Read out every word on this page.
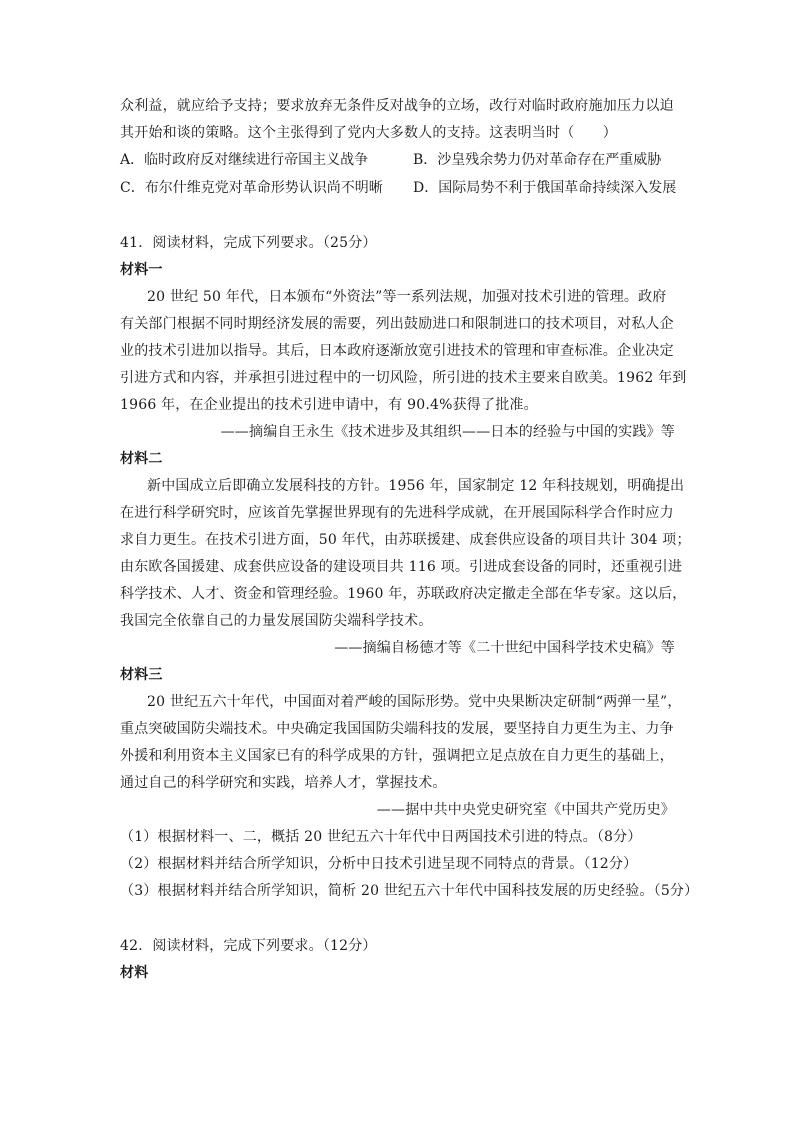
众利益，就应给予支持；要求放弃无条件反对战争的立场，改行对临时政府施加压力以迫
其开始和谈的策略。这个主张得到了党内大多数人的支持。这表明当时（　　）
A．临时政府反对继续进行帝国主义战争	B．沙皇残余势力仍对革命存在严重威胁
C．布尔什维克党对革命形势认识尚不明晰 D．国际局势不利于俄国革命持续深入发展
41．阅读材料，完成下列要求。（25分）
材料一
20 世纪 50 年代，日本颁布“外资法”等一系列法规，加强对技术引进的管理。政府
有关部门根据不同时期经济发展的需要，列出鼓励进口和限制进口的技术项目，对私人企
业的技术引进加以指导。其后，日本政府逐渐放宽引进技术的管理和审查标准。企业决定
引进方式和内容，并承担引进过程中的一切风险，所引进的技术主要来自欧美。1962 年到
1966 年，在企业提出的技术引进申请中，有 90.4%获得了批准。
——摘编自王永生《技术进步及其组织——日本的经验与中国的实践》等
材料二
新中国成立后即确立发展科技的方针。1956 年，国家制定 12 年科技规划，明确提出
在进行科学研究时，应该首先掌握世界现有的先进科学成就，在开展国际科学合作时应力
求自力更生。在技术引进方面，50 年代，由苏联援建、成套供应设备的项目共计 304 项；
由东欧各国援建、成套供应设备的建设项目共 116 项。引进成套设备的同时，还重视引进
科学技术、人才、资金和管理经验。1960 年，苏联政府决定撤走全部在华专家。这以后，
我国完全依靠自己的力量发展国防尖端科学技术。
——摘编自杨德才等《二十世纪中国科学技术史稿》等
材料三
20 世纪五六十年代，中国面对着严峻的国际形势。党中央果断决定研制“两弹一星”，
重点突破国防尖端技术。中央确定我国国防尖端科技的发展，要坚持自力更生为主、力争
外援和利用资本主义国家已有的科学成果的方针，强调把立足点放在自力更生的基础上，
通过自己的科学研究和实践，培养人才，掌握技术。
——据中共中央党史研究室《中国共产党历史》
（1）根据材料一、二，概括 20 世纪五六十年代中日两国技术引进的特点。（8分）
（2）根据材料并结合所学知识，分析中日技术引进呈现不同特点的背景。（12分）
（3）根据材料并结合所学知识，简析 20 世纪五六十年代中国科技发展的历史经验。（5分）
42．阅读材料，完成下列要求。（12分）
材料
